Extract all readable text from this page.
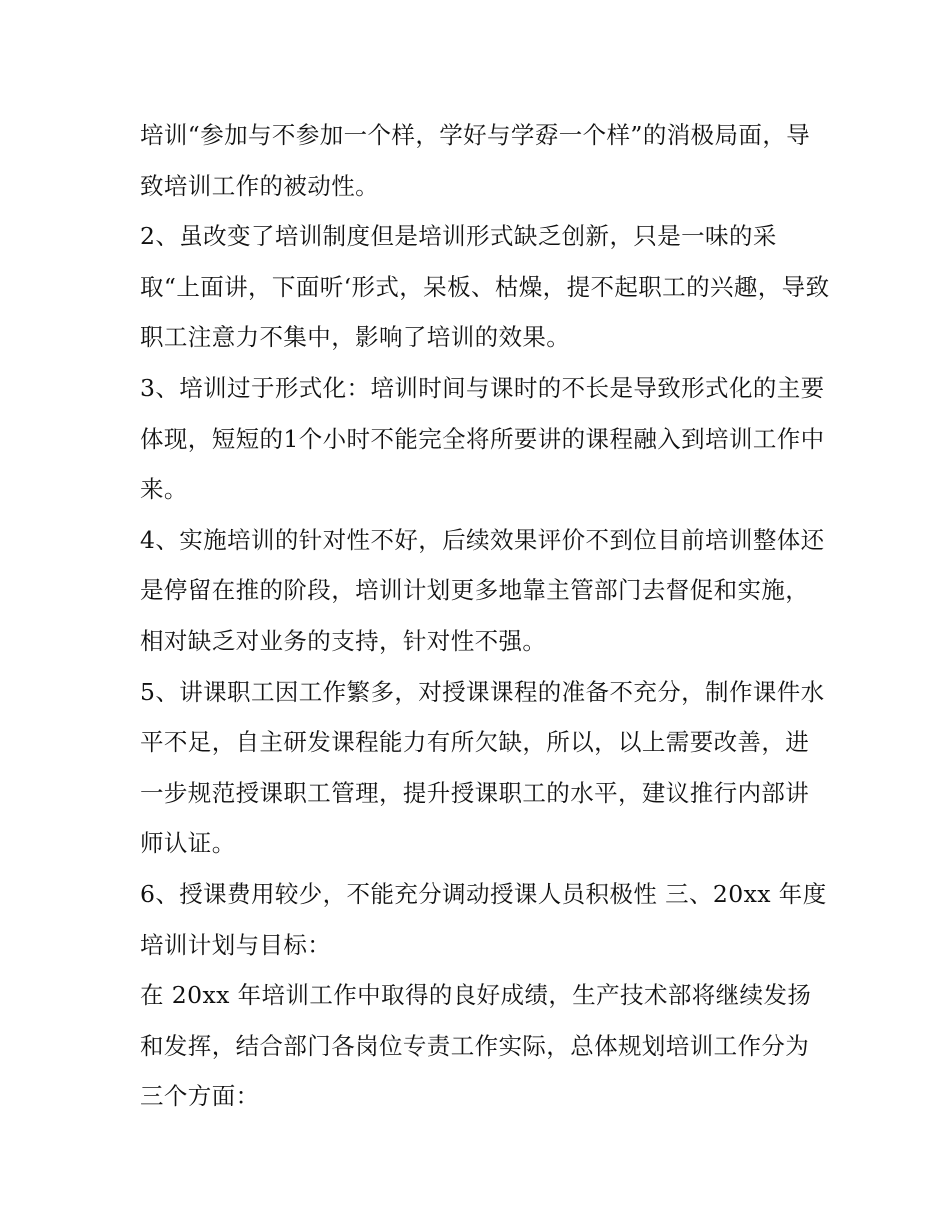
培训“参加与不参加一个样，学好与学孬一个样”的消极局面，导致培训工作的被动性。

2、虽改变了培训制度但是培训形式缺乏创新，只是一味的采取“上面讲，下面听‘形式，呆板、枯燥，提不起职工的兴趣，导致职工注意力不集中，影响了培训的效果。

3、培训过于形式化：培训时间与课时的不长是导致形式化的主要体现，短短的1个小时不能完全将所要讲的课程融入到培训工作中来。

4、实施培训的针对性不好，后续效果评价不到位目前培训整体还是停留在推的阶段，培训计划更多地靠主管部门去督促和实施，相对缺乏对业务的支持，针对性不强。

5、讲课职工因工作繁多，对授课课程的准备不充分，制作课件水平不足，自主研发课程能力有所欠缺，所以，以上需要改善，进一步规范授课职工管理，提升授课职工的水平，建议推行内部讲师认证。

6、授课费用较少，不能充分调动授课人员积极性 三、20xx 年度培训计划与目标：

在 20xx 年培训工作中取得的良好成绩，生产技术部将继续发扬和发挥，结合部门各岗位专责工作实际，总体规划培训工作分为三个方面：
